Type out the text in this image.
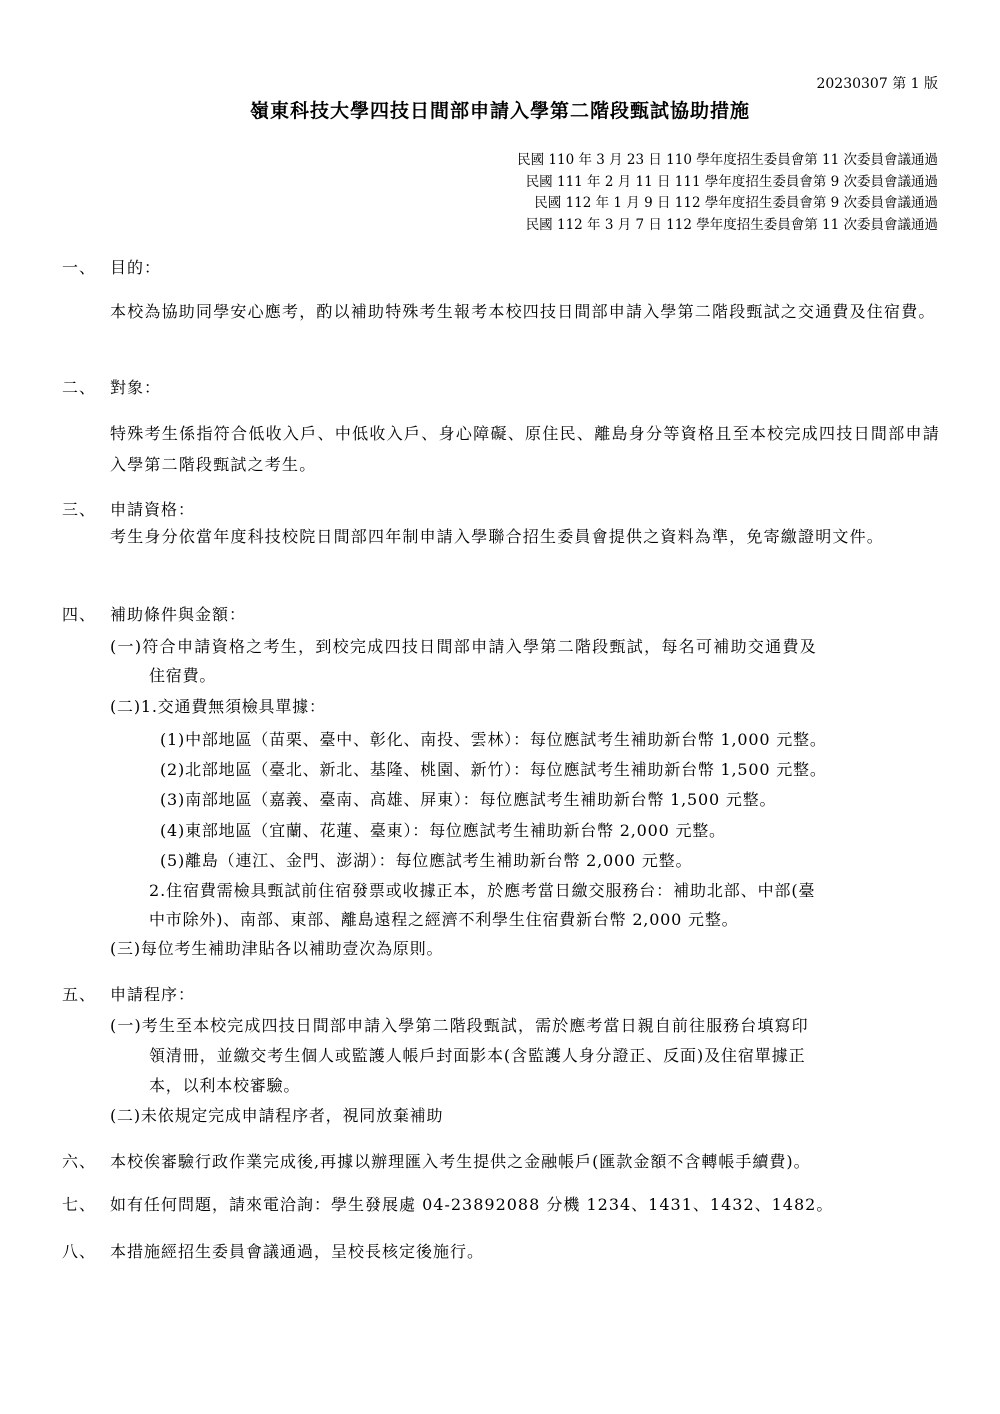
20230307 第 1 版
嶺東科技大學四技日間部申請入學第二階段甄試協助措施
民國 110 年 3 月 23 日 110 學年度招生委員會第 11 次委員會議通過
民國 111 年 2 月 11 日 111 學年度招生委員會第 9 次委員會議通過
民國 112 年 1 月 9 日 112 學年度招生委員會第 9 次委員會議通過
民國 112 年 3 月 7 日 112 學年度招生委員會第 11 次委員會議通過
一、 目的：
本校為協助同學安心應考，酌以補助特殊考生報考本校四技日間部申請入學第二階段甄試之交通費及住宿費。
二、 對象：
特殊考生係指符合低收入戶、中低收入戶、身心障礙、原住民、離島身分等資格且至本校完成四技日間部申請入學第二階段甄試之考生。
三、 申請資格：
考生身分依當年度科技校院日間部四年制申請入學聯合招生委員會提供之資料為準，免寄繳證明文件。
四、 補助條件與金額：
(一)符合申請資格之考生，到校完成四技日間部申請入學第二階段甄試，每名可補助交通費及
住宿費。
(二)1.交通費無須檢具單據：
(1)中部地區（苗栗、臺中、彰化、南投、雲林）：每位應試考生補助新台幣 1,000 元整。
(2)北部地區（臺北、新北、基隆、桃園、新竹）：每位應試考生補助新台幣 1,500 元整。
(3)南部地區（嘉義、臺南、高雄、屏東）：每位應試考生補助新台幣 1,500 元整。
(4)東部地區（宜蘭、花蓮、臺東）：每位應試考生補助新台幣 2,000 元整。
(5)離島（連江、金門、澎湖）：每位應試考生補助新台幣 2,000 元整。
2.住宿費需檢具甄試前住宿發票或收據正本，於應考當日繳交服務台：補助北部、中部(臺
中市除外)、南部、東部、離島遠程之經濟不利學生住宿費新台幣 2,000 元整。
(三)每位考生補助津貼各以補助壹次為原則。
五、 申請程序：
(一)考生至本校完成四技日間部申請入學第二階段甄試，需於應考當日親自前往服務台填寫印
領清冊，並繳交考生個人或監護人帳戶封面影本(含監護人身分證正、反面)及住宿單據正
本，以利本校審驗。
(二)未依規定完成申請程序者，視同放棄補助
六、 本校俟審驗行政作業完成後,再據以辦理匯入考生提供之金融帳戶(匯款金額不含轉帳手續費)。
七、 如有任何問題，請來電洽詢：學生發展處 04-23892088 分機 1234、1431、1432、1482。
八、 本措施經招生委員會議通過，呈校長核定後施行。
